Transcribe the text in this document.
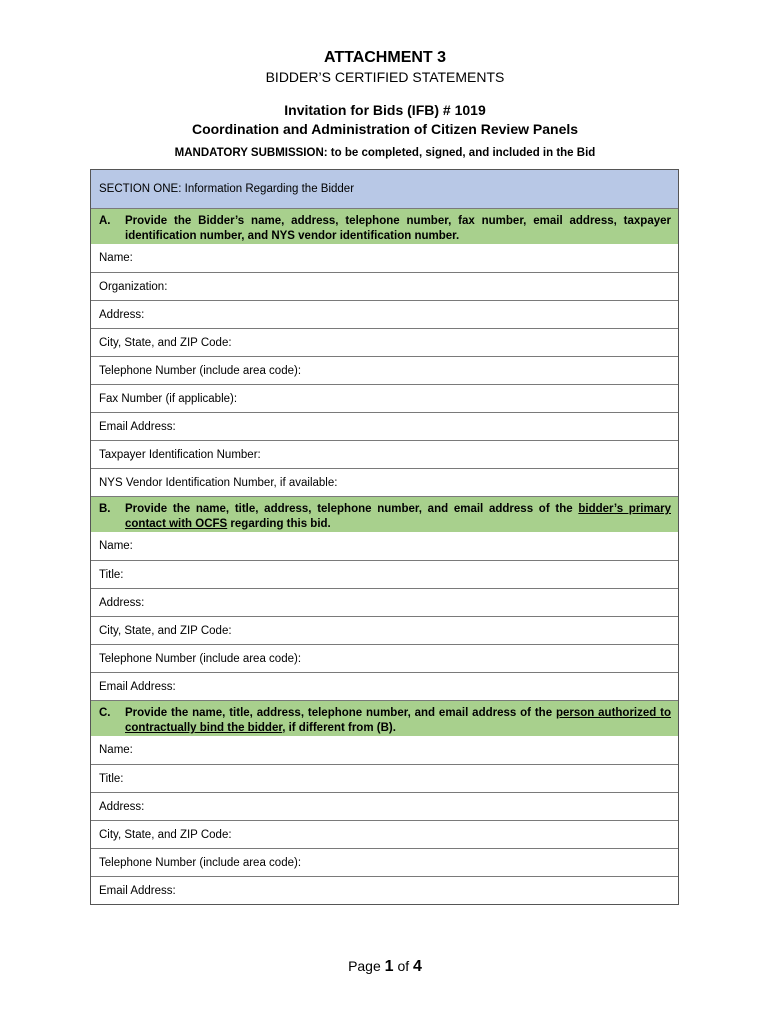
ATTACHMENT 3
BIDDER’S CERTIFIED STATEMENTS
Invitation for Bids (IFB) # 1019
Coordination and Administration of Citizen Review Panels
MANDATORY SUBMISSION: to be completed, signed, and included in the Bid
SECTION ONE: Information Regarding the Bidder
A.	Provide the Bidder’s name, address, telephone number, fax number, email address, taxpayer identification number, and NYS vendor identification number.
Name:
Organization:
Address:
City, State, and ZIP Code:
Telephone Number (include area code):
Fax Number (if applicable):
Email Address:
Taxpayer Identification Number:
NYS Vendor Identification Number, if available:
B.	Provide the name, title, address, telephone number, and email address of the bidder’s primary contact with OCFS regarding this bid.
Name:
Title:
Address:
City, State, and ZIP Code:
Telephone Number (include area code):
Email Address:
C.	Provide the name, title, address, telephone number, and email address of the person authorized to contractually bind the bidder, if different from (B).
Name:
Title:
Address:
City, State, and ZIP Code:
Telephone Number (include area code):
Email Address:
Page 1 of 4
